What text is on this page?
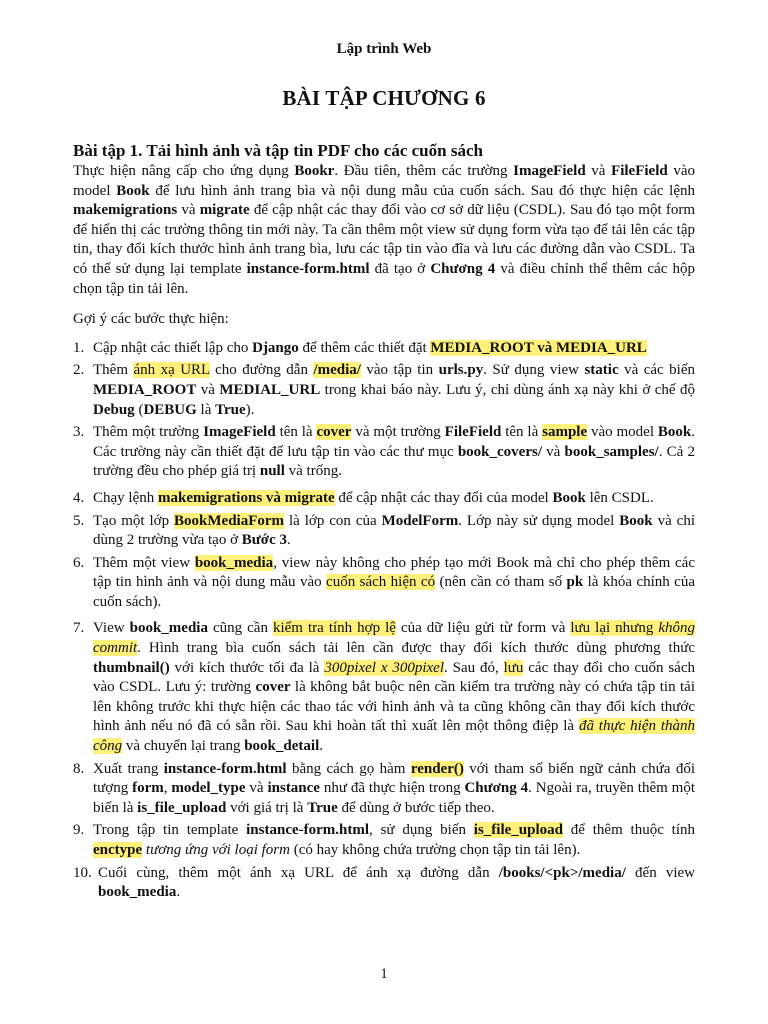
Lập trình Web
BÀI TẬP CHƯƠNG 6
Bài tập 1. Tải hình ảnh và tập tin PDF cho các cuốn sách

Thực hiện nâng cấp cho ứng dụng Bookr. Đầu tiên, thêm các trường ImageField và FileField vào model Book để lưu hình ảnh trang bìa và nội dung mẫu của cuốn sách. Sau đó thực hiện các lệnh makemigrations và migrate để cập nhật các thay đổi vào cơ sở dữ liệu (CSDL). Sau đó tạo một form để hiển thị các trường thông tin mới này. Ta cần thêm một view sử dụng form vừa tạo để tải lên các tập tin, thay đổi kích thước hình ảnh trang bìa, lưu các tập tin vào đĩa và lưu các đường dẫn vào CSDL. Ta có thể sử dụng lại template instance-form.html đã tạo ở Chương 4 và điều chỉnh thể thêm các hộp chọn tập tin tải lên.

Gợi ý các bước thực hiện:
1. Cập nhật các thiết lập cho Django để thêm các thiết đặt MEDIA_ROOT và MEDIA_URL
2. Thêm ánh xạ URL cho đường dẫn /media/ vào tập tin urls.py. Sử dụng view static và các biến MEDIA_ROOT và MEDIAL_URL trong khai báo này. Lưu ý, chỉ dùng ánh xạ này khi ở chế độ Debug (DEBUG là True).
3. Thêm một trường ImageField tên là cover và một trường FileField tên là sample vào model Book. Các trường này cần thiết đặt để lưu tập tin vào các thư mục book_covers/ và book_samples/. Cả 2 trường đều cho phép giá trị null và trống.
4. Chạy lệnh makemigrations và migrate để cập nhật các thay đổi của model Book lên CSDL.
5. Tạo một lớp BookMediaForm là lớp con của ModelForm. Lớp này sử dụng model Book và chỉ dùng 2 trường vừa tạo ở Bước 3.
6. Thêm một view book_media, view này không cho phép tạo mới Book mà chỉ cho phép thêm các tập tin hình ảnh và nội dung mẫu vào cuốn sách hiện có (nên cần có tham số pk là khóa chính của cuốn sách).
7. View book_media cũng cần kiểm tra tính hợp lệ của dữ liệu gửi từ form và lưu lại nhưng không commit. Hình trang bìa cuốn sách tải lên cần được thay đổi kích thước dùng phương thức thumbnail() với kích thước tối đa là 300pixel x 300pixel. Sau đó, lưu các thay đổi cho cuốn sách vào CSDL. Lưu ý: trường cover là không bắt buộc nên cần kiểm tra trường này có chứa tập tin tải lên không trước khi thực hiện các thao tác với hình ảnh và ta cũng không cần thay đổi kích thước hình ảnh nếu nó đã có sẵn rồi. Sau khi hoàn tất thì xuất lên một thông điệp là đã thực hiện thành công và chuyển lại trang book_detail.
8. Xuất trang instance-form.html bằng cách gọ hàm render() với tham số biến ngữ cảnh chứa đối tượng form, model_type và instance như đã thực hiện trong Chương 4. Ngoài ra, truyền thêm một biến là is_file_upload với giá trị là True để dùng ở bước tiếp theo.
9. Trong tập tin template instance-form.html, sử dụng biến is_file_upload để thêm thuộc tính enctype tương ứng với loại form (có hay không chứa trường chọn tập tin tải lên).
10. Cuối cùng, thêm một ánh xạ URL để ánh xạ đường dẫn /books/<pk>/media/ đến view book_media.
1
